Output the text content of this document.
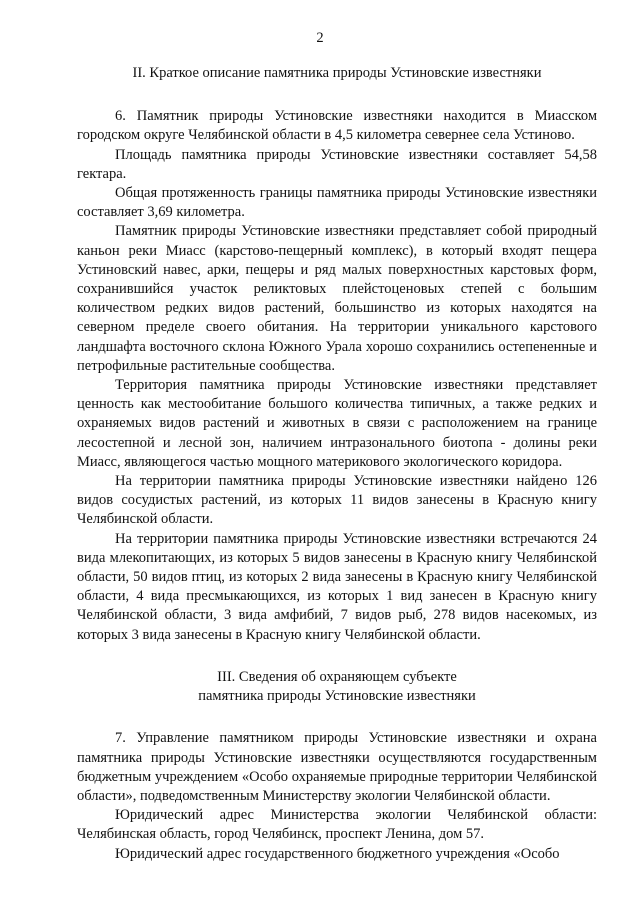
2
II. Краткое описание памятника природы Устиновские известняки

6. Памятник природы Устиновские известняки находится в Миасском городском округе Челябинской области в 4,5 километра севернее села Устиново.

Площадь памятника природы Устиновские известняки составляет 54,58 гектара.

Общая протяженность границы памятника природы Устиновские известняки составляет 3,69 километра.

Памятник природы Устиновские известняки представляет собой природный каньон реки Миасс (карстово-пещерный комплекс), в который входят пещера Устиновский навес, арки, пещеры и ряд малых поверхностных карстовых форм, сохранившийся участок реликтовых плейстоценовых степей с большим количеством редких видов растений, большинство из которых находятся на северном пределе своего обитания. На территории уникального карстового ландшафта восточного склона Южного Урала хорошо сохранились остепененные и петрофильные растительные сообщества.

Территория памятника природы Устиновские известняки представляет ценность как местообитание большого количества типичных, а также редких и охраняемых видов растений и животных в связи с расположением на границе лесостепной и лесной зон, наличием интразонального биотопа - долины реки Миасс, являющегося частью мощного материкового экологического коридора.

На территории памятника природы Устиновские известняки найдено 126 видов сосудистых растений, из которых 11 видов занесены в Красную книгу Челябинской области.

На территории памятника природы Устиновские известняки встречаются 24 вида млекопитающих, из которых 5 видов занесены в Красную книгу Челябинской области, 50 видов птиц, из которых 2 вида занесены в Красную книгу Челябинской области, 4 вида пресмыкающихся, из которых 1 вид занесен в Красную книгу Челябинской области, 3 вида амфибий, 7 видов рыб, 278 видов насекомых, из которых 3 вида занесены в Красную книгу Челябинской области.

III. Сведения об охраняющем субъекте
памятника природы Устиновские известняки

7. Управление памятником природы Устиновские известняки и охрана памятника природы Устиновские известняки осуществляются государственным бюджетным учреждением «Особо охраняемые природные территории Челябинской области», подведомственным Министерству экологии Челябинской области.

Юридический адрес Министерства экологии Челябинской области: Челябинская область, город Челябинск, проспект Ленина, дом 57.

Юридический адрес государственного бюджетного учреждения «Особо
